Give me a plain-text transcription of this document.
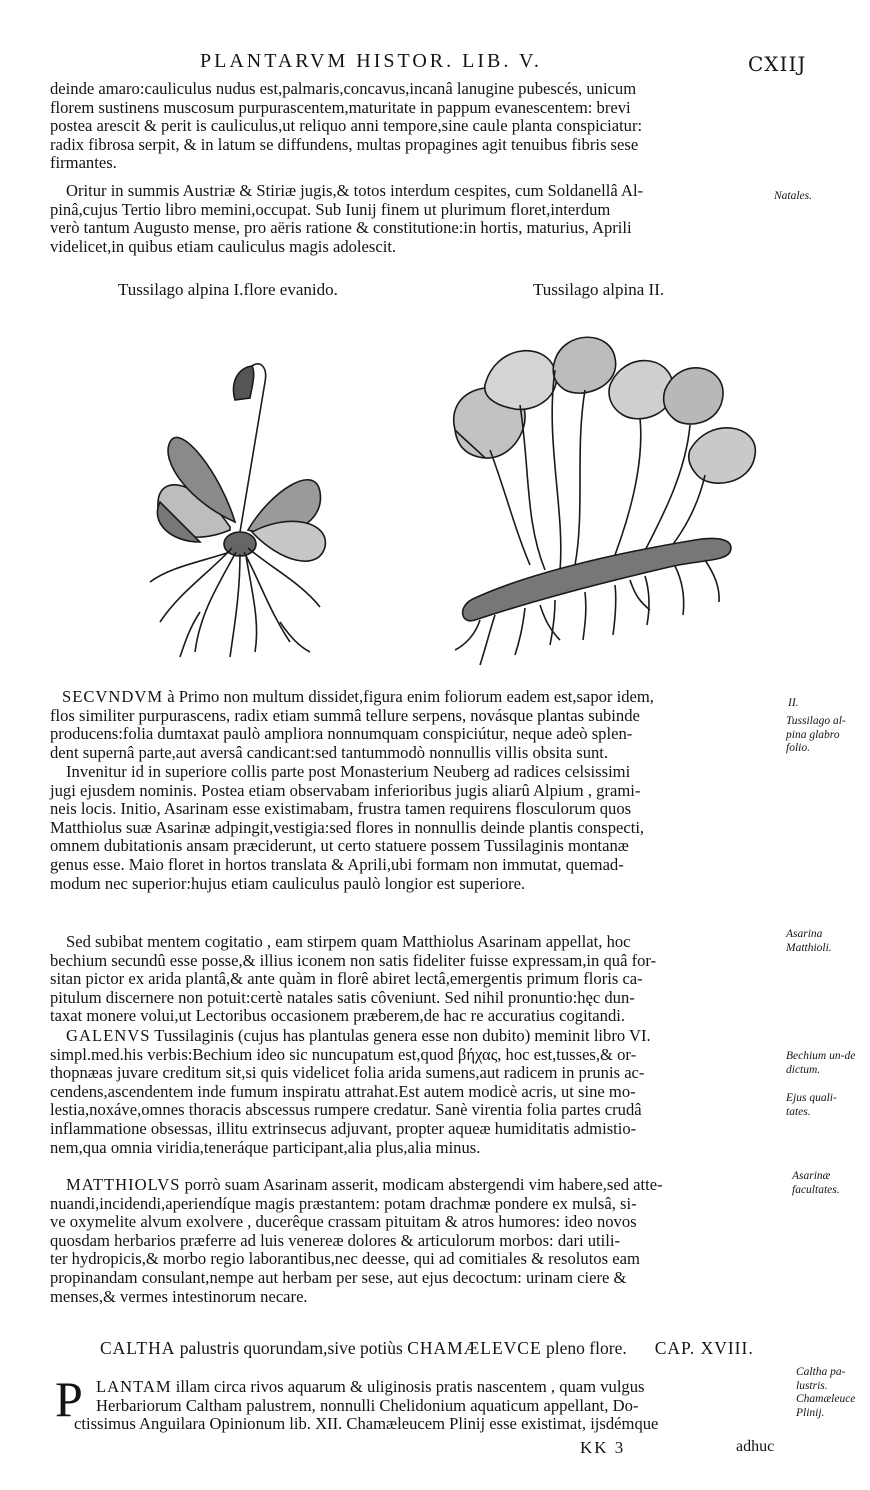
PLANTARVM HISTOR. LIB. V.	CXIIJ
deinde amaro:cauliculus nudus est,palmaris,concavus,incanâ lanugine pubescés, unicum
florem sustinens muscosum purpurascentem,maturitate in pappum evanescentem: brevi
postea arescit & perit is cauliculus,ut reliquo anni tempore,sine caule planta conspiciatur:
radix fibrosa serpit, & in latum se diffundens, multas propagines agit tenuibus fibris sese
firmantes.
Oritur in summis Austriæ & Stiriæ jugis,& totos interdum cespites, cum Soldanellâ Al-
pinâ,cujus Tertio libro memini,occupat. Sub Iunij finem ut plurimum floret,interdum
verò tantum Augusto mense, pro aëris ratione & constitutione:in hortis, maturius, Aprili
videlicet,in quibus etiam cauliculus magis adolescit.
Tussilago alpina I.flore evanido.	Tussilago alpina II.
SECVNDVM à Primo non multum dissidet,figura enim foliorum eadem est,sapor idem,
flos similiter purpurascens, radix etiam summâ tellure serpens, novásque plantas subinde
producens:folia dumtaxat paulò ampliora nonnumquam conspiciútur, neque adeò splen-
dent supernâ parte,aut aversâ candicant:sed tantummodò nonnullis villis obsita sunt.
Invenitur id in superiore collis parte post Monasterium Neuberg ad radices celsissimi
jugi ejusdem nominis. Postea etiam observabam inferioribus jugis aliarû Alpium , grami-
neis locis. Initio, Asarinam esse existimabam, frustra tamen requirens flosculorum quos
Matthiolus suæ Asarinæ adpingit,vestigia:sed flores in nonnullis deinde plantis conspecti,
omnem dubitationis ansam præciderunt, ut certo statuere possem Tussilaginis montanæ
genus esse. Maio floret in hortos translata & Aprili,ubi formam non immutat, quemad-
modum nec superior:hujus etiam cauliculus paulò longior est superiore.
Sed subibat mentem cogitatio , eam stirpem quam Matthiolus Asarinam appellat, hoc
bechium secundû esse posse,& illius iconem non satis fideliter fuisse expressam,in quâ for-
sitan pictor ex arida plantâ,& ante quàm in florê abiret lectâ,emergentis primum floris ca-
pitulum discernere non potuit:certè natales satis côveniunt. Sed nihil pronuntio:hęc dun-
taxat monere volui,ut Lectoribus occasionem præberem,de hac re accuratius cogitandi.
GALENVS Tussilaginis (cujus has plantulas genera esse non dubito) meminit libro VI.
simpl.med.his verbis:Bechium ideo sic nuncupatum est,quod βήχας, hoc est,tusses,& or-
thopnæas juvare creditum sit,si quis videlicet folia arida sumens,aut radicem in prunis ac-
cendens,ascendentem inde fumum inspiratu attrahat.Est autem modicè acris, ut sine mo-
lestia,noxáve,omnes thoracis abscessus rumpere credatur. Sanè virentia folia partes crudâ
inflammatione obsessas, illitu extrinsecus adjuvant, propter aqueæ humiditatis admistio-
nem,qua omnia viridia,teneráque participant,alia plus,alia minus.
MATTHIOLVS porrò suam Asarinam asserit, modicam abstergendi vim habere,sed atte-
nuandi,incidendi,aperiendíque magis præstantem: potam drachmæ pondere ex mulsâ, si-
ve oxymelite alvum exolvere , ducerêque crassam pituitam & atros humores: ideo novos
quosdam herbarios præferre ad luis venereæ dolores & articulorum morbos: dari utili-
ter hydropicis,& morbo regio laborantibus,nec deesse, qui ad comitiales & resolutos eam
propinandam consulant,nempe aut herbam per sese, aut ejus decoctum: urinam ciere &
menses,& vermes intestinorum necare.
CALTHA palustris quorundam,sive potiùs CHAMÆLEVCE pleno flore. CAP. XVIII.
P LANTAM illam circa rivos aquarum & uliginosis pratis nascentem , quam vulgus
Herbariorum Caltham palustrem, nonnulli Chelidonium aquaticum appellant, Do-
ctissimus Anguilara Opinionum lib. XII. Chamæleucem Plinij esse existimat, ijsdémque
Natales.
II.
Tussilago al-pina glabro folio.
Asarina Matthioli.
Bechium un-de dictum.
Ejus quali-tates.
Asarinæ facultates.
Caltha pa-lustris. Chamæleuce Plinij.
KK 3	adhuc
